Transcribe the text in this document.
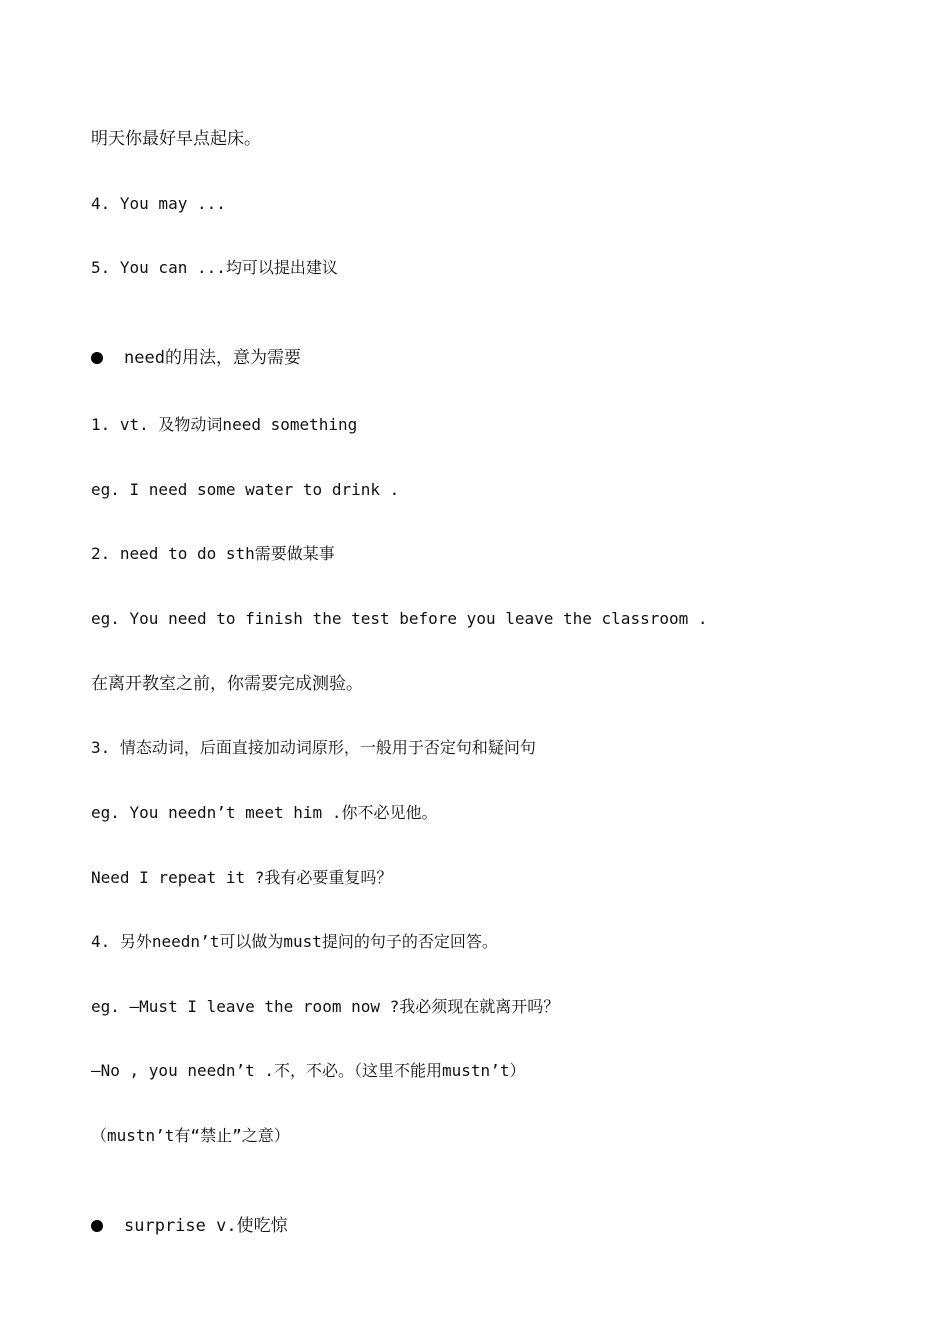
明天你最好早点起床。
4. You may ...
5. You can ...均可以提出建议
need的用法，意为需要
1. vt. 及物动词need something
eg. I need some water to drink .
2. need to do sth需要做某事
eg. You need to finish the test before you leave the classroom .
在离开教室之前，你需要完成测验。
3. 情态动词，后面直接加动词原形，一般用于否定句和疑问句
eg. You needn’t meet him .你不必见他。
Need I repeat it ?我有必要重复吗？
4. 另外needn’t可以做为must提问的句子的否定回答。
eg. —Must I leave the room now ?我必须现在就离开吗？
—No , you needn’t .不，不必。（这里不能用mustn’t）
（mustn’t有“禁止”之意）
surprise v.使吃惊
